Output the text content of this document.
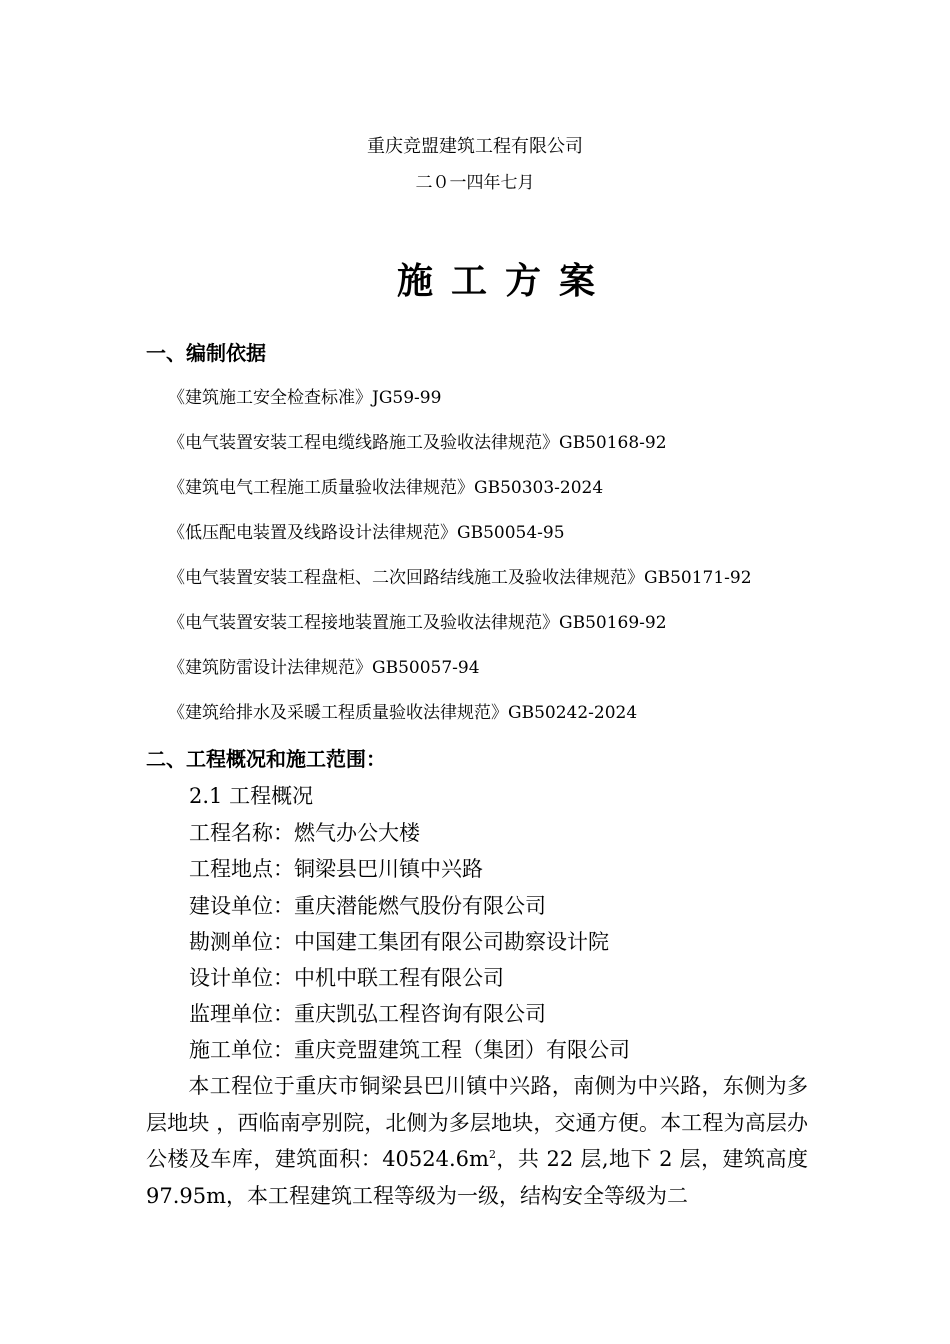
重庆竞盟建筑工程有限公司
二０一四年七月
施工方案
一、编制依据
《建筑施工安全检查标准》JG59-99
《电气装置安装工程电缆线路施工及验收法律规范》GB50168-92
《建筑电气工程施工质量验收法律规范》GB50303-2024
《低压配电装置及线路设计法律规范》GB50054-95
《电气装置安装工程盘柜、二次回路结线施工及验收法律规范》GB50171-92
《电气装置安装工程接地装置施工及验收法律规范》GB50169-92
《建筑防雷设计法律规范》GB50057-94
《建筑给排水及采暖工程质量验收法律规范》GB50242-2024
二、工程概况和施工范围：
2.1 工程概况
工程名称：燃气办公大楼
工程地点：铜梁县巴川镇中兴路
建设单位：重庆潜能燃气股份有限公司
勘测单位：中国建工集团有限公司勘察设计院
设计单位：中机中联工程有限公司
监理单位：重庆凯弘工程咨询有限公司
施工单位：重庆竞盟建筑工程（集团）有限公司
本工程位于重庆市铜梁县巴川镇中兴路，南侧为中兴路，东侧为多层地块 ，西临南亭别院，北侧为多层地块，交通方便。本工程为高层办公楼及车库，建筑面积：$40524.6m^2$，共 22 层,地下 2 层，建筑高度 97.95m，本工程建筑工程等级为一级，结构安全等级为二
